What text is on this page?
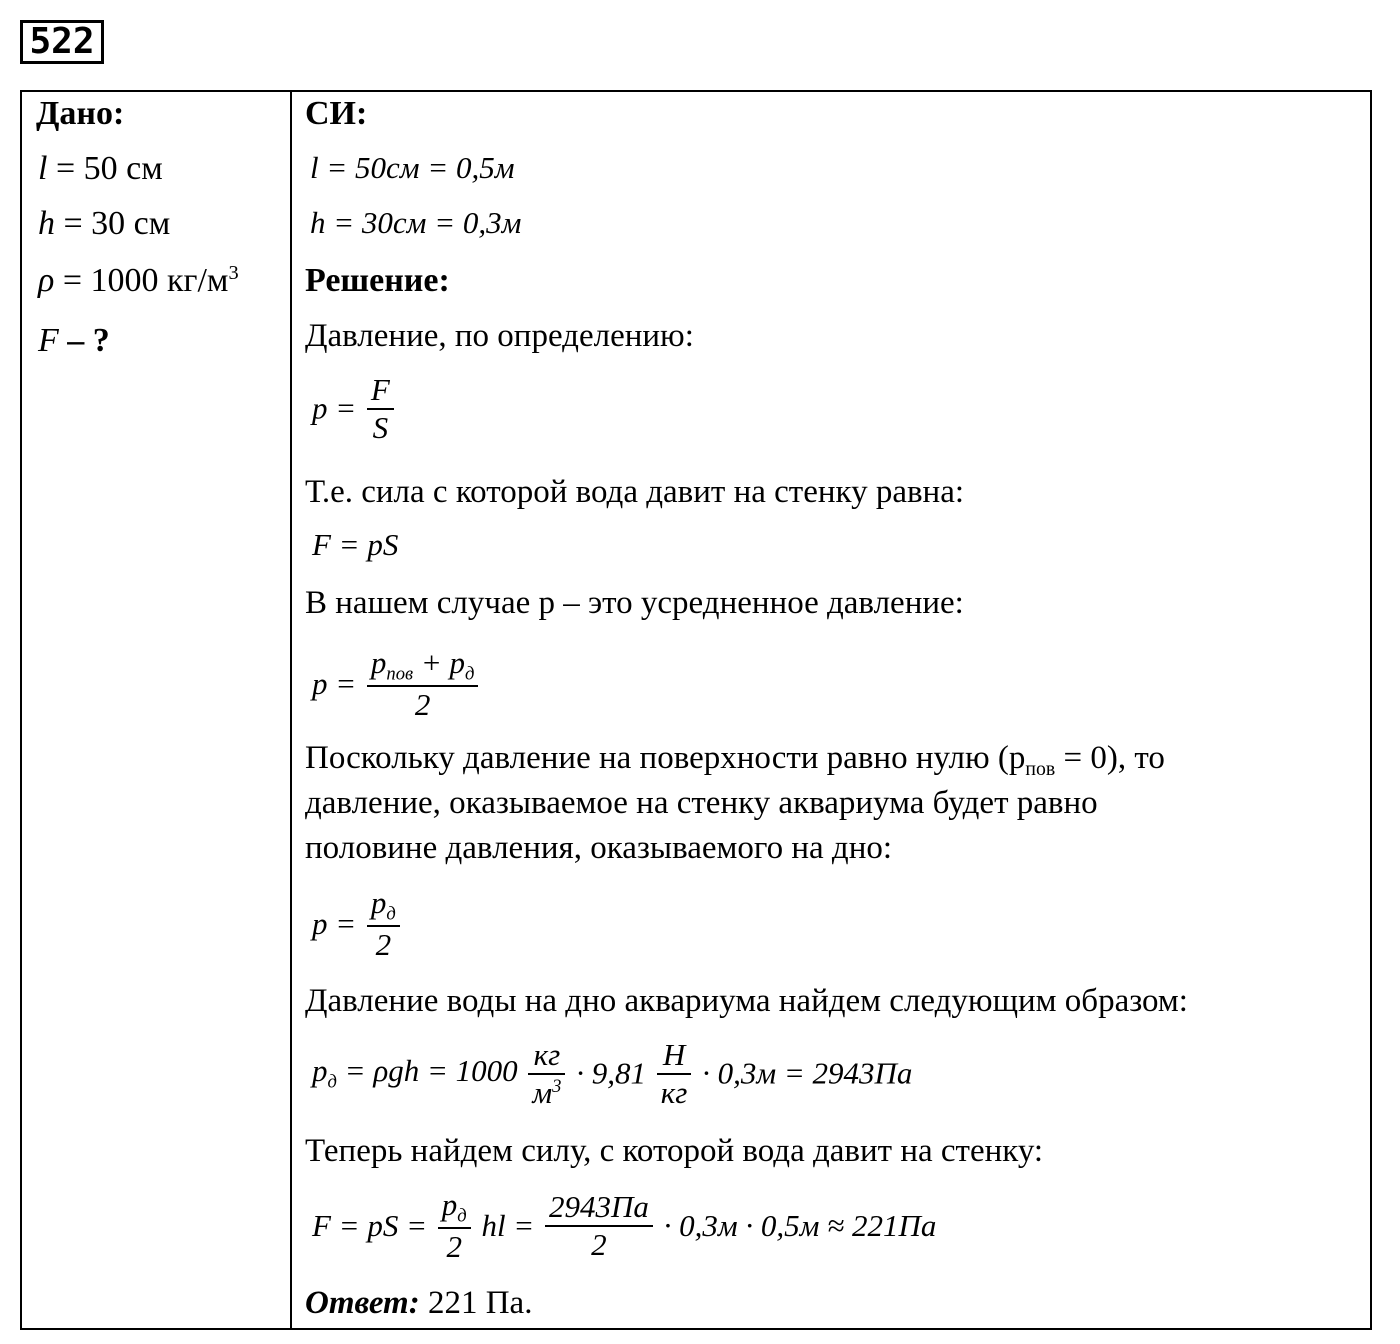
522
Дано:
l = 50 см
h = 30 см
ρ = 1000 $кг/м^3$
F – ?
СИ:
l = 50см = 0,5м
h = 30см = 0,3м
Решение:
Давление, по определению:
$p = \frac{F}{S}$
Т.е. сила с которой вода давит на стенку равна:
F = pS
В нашем случае р – это усредненное давление:
$p = \frac{p_{пов} + p_д}{2}$
Поскольку давление на поверхности равно нулю $(р_{пов} = 0)$, то
давление, оказываемое на стенку аквариума будет равно
половине давления, оказываемого на дно:
$p = \frac{p_д}{2}$
Давление воды на дно аквариума найдем следующим образом:
$p_д = \rho gh = 1000 \frac{кг}{м^3} \cdot 9,81 \frac{Н}{кг} \cdot 0,3м = 2943Па$
Теперь найдем силу, с которой вода давит на стенку:
F = pS = $\frac{p_д}{2}$ hl = $\frac{2943Па}{2} \cdot 0,3м \cdot 0,5м \approx 221Па$
Ответ: 221 Па.
